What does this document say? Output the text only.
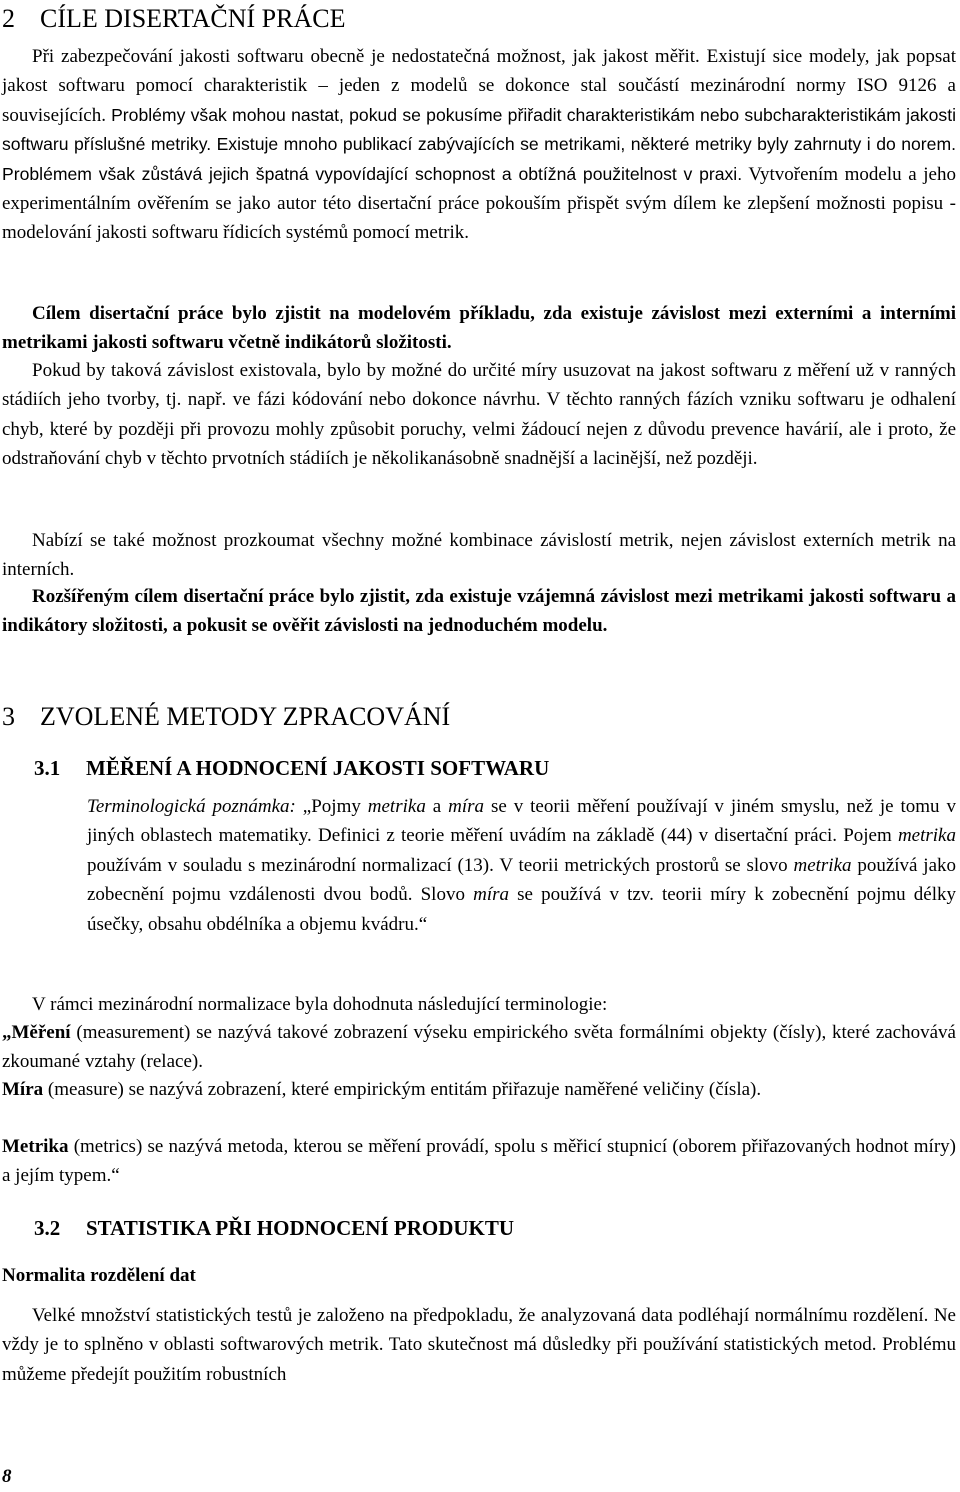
2 CÍLE DISERTAČNÍ PRÁCE

Při zabezpečování jakosti softwaru obecně je nedostatečná možnost, jak jakost měřit. Existují sice modely, jak popsat jakost softwaru pomocí charakteristik – jeden z modelů se dokonce stal součástí mezinárodní normy ISO 9126 a souvisejících. Problémy však mohou nastat, pokud se pokusíme přiřadit charakteristikám nebo subcharakteristikám jakosti softwaru příslušné metriky. Existuje mnoho publikací zabývajících se metrikami, některé metriky byly zahrnuty i do norem. Problémem však zůstává jejich špatná vypovídající schopnost a obtížná použitelnost v praxi. Vytvořením modelu a jeho experimentálním ověřením se jako autor této disertační práce pokouším přispět svým dílem ke zlepšení možnosti popisu - modelování jakosti softwaru řídicích systémů pomocí metrik.

Cílem disertační práce bylo zjistit na modelovém příkladu, zda existuje závislost mezi externími a interními metrikami jakosti softwaru včetně indikátorů složitosti.

Pokud by taková závislost existovala, bylo by možné do určité míry usuzovat na jakost softwaru z měření už v ranných stádiích jeho tvorby, tj. např. ve fázi kódování nebo dokonce návrhu. V těchto ranných fázích vzniku softwaru je odhalení chyb, které by později při provozu mohly způsobit poruchy, velmi žádoucí nejen z důvodu prevence havárií, ale i proto, že odstraňování chyb v těchto prvotních stádiích je několikanásobně snadnější a lacinější, než později.

Nabízí se také možnost prozkoumat všechny možné kombinace závislostí metrik, nejen závislost externích metrik na interních.

Rozšířeným cílem disertační práce bylo zjistit, zda existuje vzájemná závislost mezi metrikami jakosti softwaru a indikátory složitosti, a pokusit se ověřit závislosti na jednoduchém modelu.

3 ZVOLENÉ METODY ZPRACOVÁNÍ
3.1 MĚŘENÍ A HODNOCENÍ JAKOSTI SOFTWARU

Terminologická poznámka: „Pojmy metrika a míra se v teorii měření používají v jiném smyslu, než je tomu v jiných oblastech matematiky. Definici z teorie měření uvádím na základě (44) v disertační práci. Pojem metrika používám v souladu s mezinárodní normalizací (13). V teorii metrických prostorů se slovo metrika používá jako zobecnění pojmu vzdálenosti dvou bodů. Slovo míra se používá v tzv. teorii míry k zobecnění pojmu délky úsečky, obsahu obdélníka a objemu kvádru.“

V rámci mezinárodní normalizace byla dohodnuta následující terminologie:

„Měření (measurement) se nazývá takové zobrazení výseku empirického světa formálními objekty (čísly), které zachovává zkoumané vztahy (relace).

Míra (measure) se nazývá zobrazení, které empirickým entitám přiřazuje naměřené veličiny (čísla).

Metrika (metrics) se nazývá metoda, kterou se měření provádí, spolu s měřicí stupnicí (oborem přiřazovaných hodnot míry) a jejím typem.“

3.2 STATISTIKA PŘI HODNOCENÍ PRODUKTU
Normalita rozdělení dat

Velké množství statistických testů je založeno na předpokladu, že analyzovaná data podléhají normálnímu rozdělení. Ne vždy je to splněno v oblasti softwarových metrik. Tato skutečnost má důsledky při používání statistických metod. Problému můžeme předejít použitím robustních

8
